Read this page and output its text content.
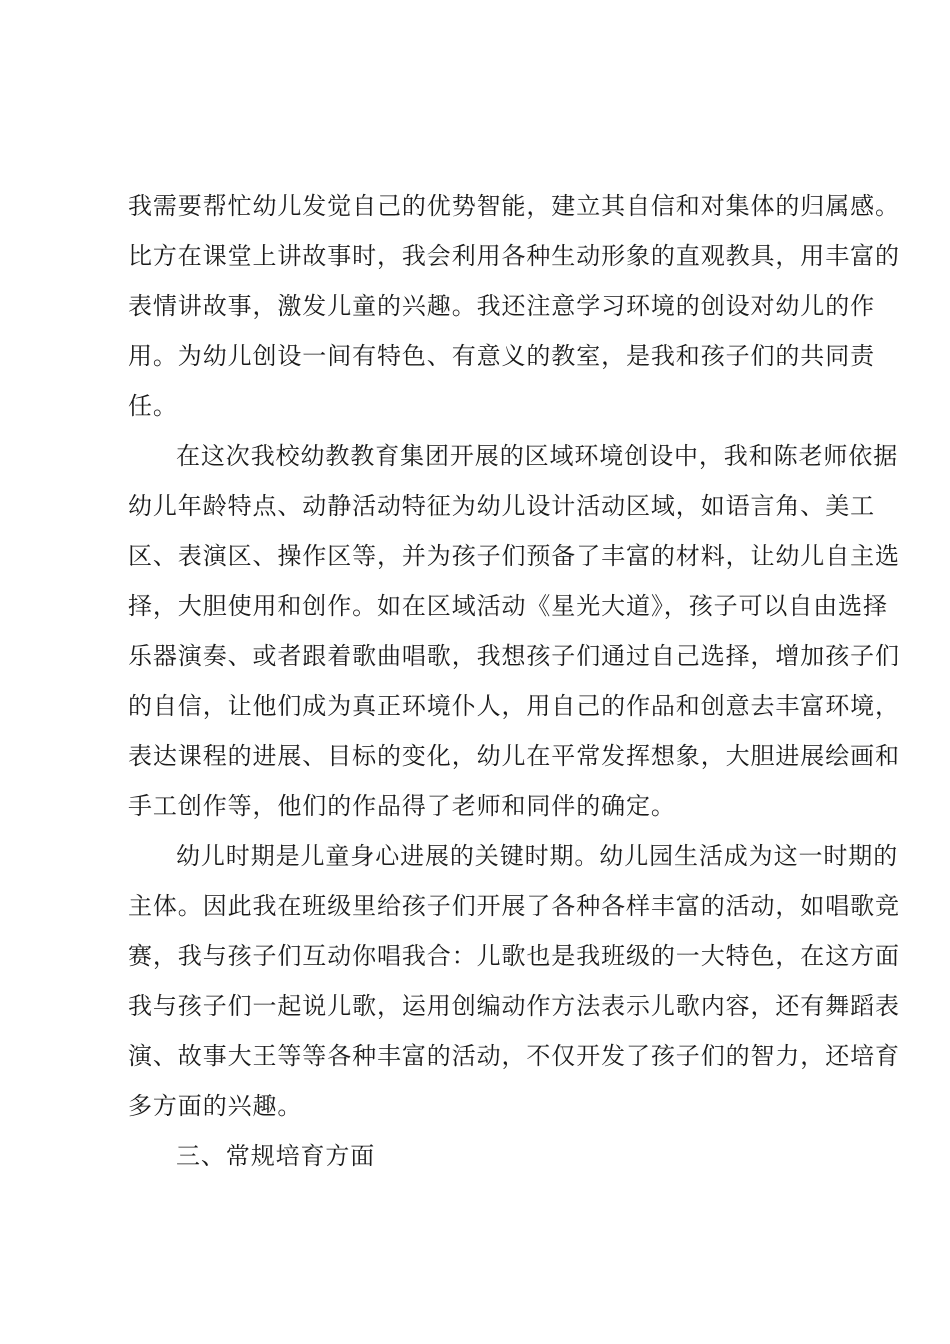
我需要帮忙幼儿发觉自己的优势智能，建立其自信和对集体的归属感。
比方在课堂上讲故事时，我会利用各种生动形象的直观教具，用丰富的
表情讲故事，激发儿童的兴趣。我还注意学习环境的创设对幼儿的作
用。为幼儿创设一间有特色、有意义的教室，是我和孩子们的共同责
任。
在这次我校幼教教育集团开展的区域环境创设中，我和陈老师依据
幼儿年龄特点、动静活动特征为幼儿设计活动区域，如语言角、美工
区、表演区、操作区等，并为孩子们预备了丰富的材料，让幼儿自主选
择，大胆使用和创作。如在区域活动《星光大道》，孩子可以自由选择
乐器演奏、或者跟着歌曲唱歌，我想孩子们通过自己选择，增加孩子们
的自信，让他们成为真正环境仆人，用自己的作品和创意去丰富环境，
表达课程的进展、目标的变化，幼儿在平常发挥想象，大胆进展绘画和
手工创作等，他们的作品得了老师和同伴的确定。
幼儿时期是儿童身心进展的关键时期。幼儿园生活成为这一时期的
主体。因此我在班级里给孩子们开展了各种各样丰富的活动，如唱歌竞
赛，我与孩子们互动你唱我合：儿歌也是我班级的一大特色，在这方面
我与孩子们一起说儿歌，运用创编动作方法表示儿歌内容，还有舞蹈表
演、故事大王等等各种丰富的活动，不仅开发了孩子们的智力，还培育
多方面的兴趣。
三、常规培育方面
